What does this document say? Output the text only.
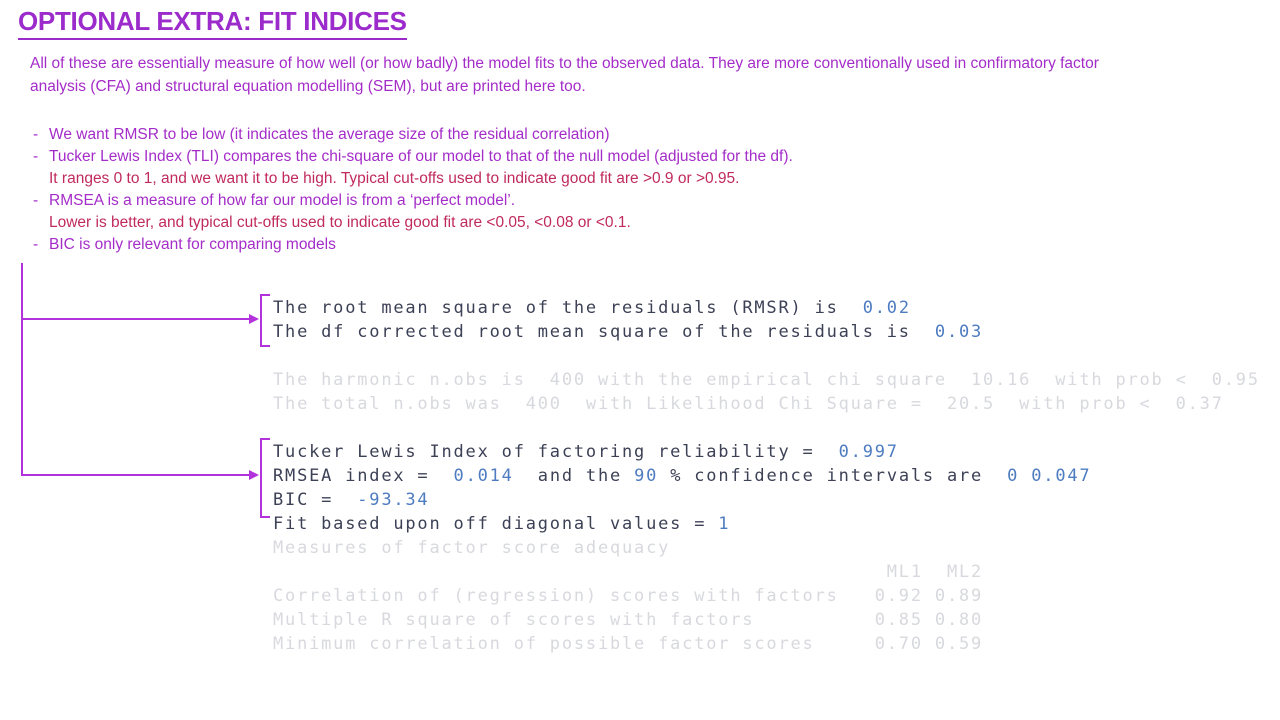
OPTIONAL EXTRA: FIT INDICES
All of these are essentially measure of how well (or how badly) the model fits to the observed data. They are more conventionally used in confirmatory factor
analysis (CFA) and structural equation modelling (SEM), but are printed here too.
- We want RMSR to be low (it indicates the average size of the residual correlation)
- Tucker Lewis Index (TLI) compares the chi-square of our model to that of the null model (adjusted for the df).
It ranges 0 to 1, and we want it to be high. Typical cut-offs used to indicate good fit are >0.9 or >0.95.
- RMSEA is a measure of how far our model is from a ‘perfect model’.
Lower is better, and typical cut-offs used to indicate good fit are <0.05, <0.08 or <0.1.
- BIC is only relevant for comparing models
The root mean square of the residuals (RMSR) is  0.02
The df corrected root mean square of the residuals is  0.03
The harmonic n.obs is  400 with the empirical chi square  10.16  with prob <  0.95
The total n.obs was  400  with Likelihood Chi Square =  20.5  with prob <  0.37
Tucker Lewis Index of factoring reliability =  0.997
RMSEA index =  0.014  and the 90 % confidence intervals are  0 0.047
BIC =  -93.34
Fit based upon off diagonal values = 1
Measures of factor score adequacy
ML1  ML2
Correlation of (regression) scores with factors   0.92 0.89
Multiple R square of scores with factors          0.85 0.80
Minimum correlation of possible factor scores     0.70 0.59
